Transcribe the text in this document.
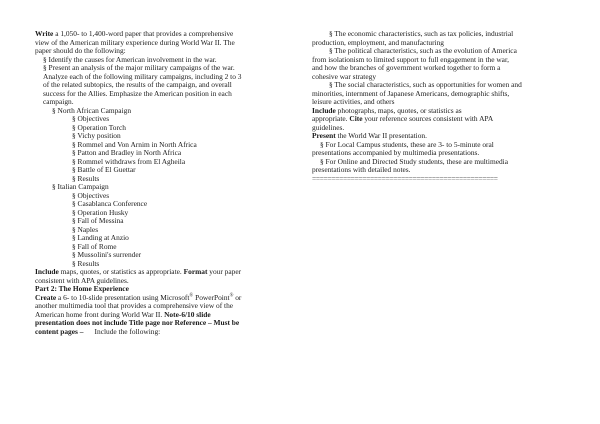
Write a 1,050- to 1,400-word paper that provides a comprehensive
view of the American military experience during World War II. The
paper should do the following:
§ Identify the causes for American involvement in the war.
§ Present an analysis of the major military campaigns of the war.
Analyze each of the following military campaigns, including 2 to 3
of the related subtopics, the results of the campaign, and overall
success for the Allies. Emphasize the American position in each
campaign.
§ North African Campaign
§ Objectives
§ Operation Torch
§ Vichy position
§ Rommel and Von Arnim in North Africa
§ Patton and Bradley in North Africa
§ Rommel withdraws from El Agheila
§ Battle of El Guettar
§ Results
§ Italian Campaign
§ Objectives
§ Casablanca Conference
§ Operation Husky
§ Fall of Messina
§ Naples
§ Landing at Anzio
§ Fall of Rome
§ Mussolini's surrender
§ Results
Include maps, quotes, or statistics as appropriate. Format your paper
consistent with APA guidelines.
Part 2: The Home Experience
Create a 6- to 10-slide presentation using Microsoft® PowerPoint® or
another multimedia tool that provides a comprehensive view of the
American home front during World War II. Note-6/10 slide
presentation does not include Title page nor Reference – Must be
content pages –      Include the following:
§ The economic characteristics, such as tax policies, industrial
production, employment, and manufacturing
§ The political characteristics, such as the evolution of America
from isolationism to limited support to full engagement in the war,
and how the branches of government worked together to form a
cohesive war strategy
§ The social characteristics, such as opportunities for women and
minorities, internment of Japanese Americans, demographic shifts,
leisure activities, and others
Include photographs, maps, quotes, or statistics as
appropriate. Cite your reference sources consistent with APA
guidelines.
Present the World War II presentation.
§ For Local Campus students, these are 3- to 5-minute oral
presentations accompanied by multimedia presentations.
§ For Online and Directed Study students, these are multimedia
presentations with detailed notes.
================================================
